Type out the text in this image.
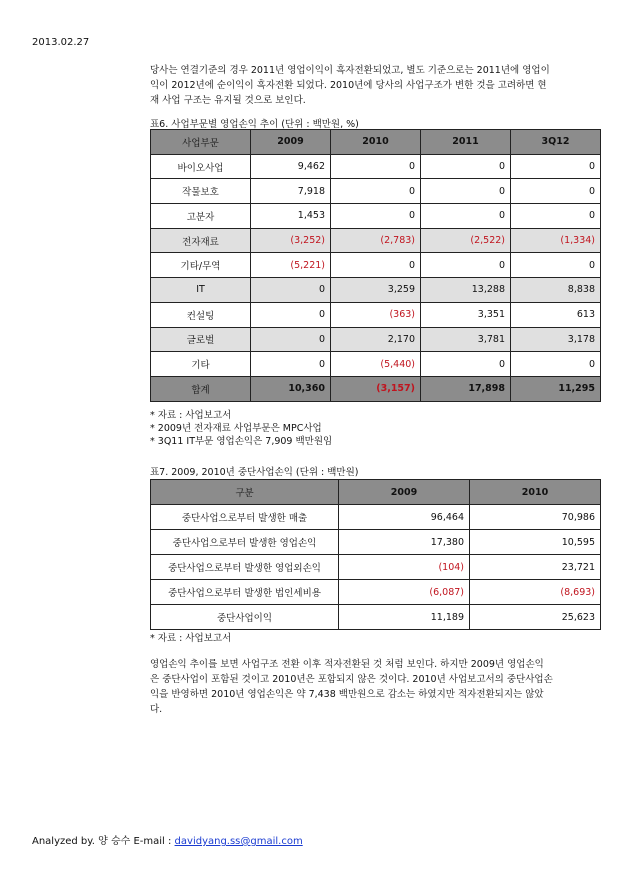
2013.02.27
당사는 연결기준의 경우 2011년 영업이익이 흑자전환되었고, 별도 기준으로는 2011년에 영업이
익이 2012년에 순이익이 흑자전환 되었다. 2010년에 당사의 사업구조가 변한 것을 고려하면 현
재 사업 구조는 유지될 것으로 보인다.
표6. 사업부문별 영업손익 추이 (단위 : 백만원, %)
사업부문	2009	2010	2011	3Q12
바이오사업	9,462	0	0	0
작물보호	7,918	0	0	0
고분자	1,453	0	0	0
전자재료	(3,252)	(2,783)	(2,522)	(1,334)
기타/무역	(5,221)	0	0	0
IT	0	3,259	13,288	8,838
컨설팅	0	(363)	3,351	613
글로벌	0	2,170	3,781	3,178
기타	0	(5,440)	0	0
합계	10,360	(3,157)	17,898	11,295
* 자료 : 사업보고서
* 2009년 전자재료 사업부문은 MPC사업
* 3Q11 IT부문 영업손익은 7,909 백만원임
표7. 2009, 2010년 중단사업손익 (단위 : 백만원)
구분	2009	2010
중단사업으로부터 발생한 매출	96,464	70,986
중단사업으로부터 발생한 영업손익	17,380	10,595
중단사업으로부터 발생한 영업외손익	(104)	23,721
중단사업으로부터 발생한 법인세비용	(6,087)	(8,693)
중단사업이익	11,189	25,623
* 자료 : 사업보고서
영업손익 추이를 보면 사업구조 전환 이후 적자전환된 것 처럼 보인다. 하지만 2009년 영업손익
은 중단사업이 포함된 것이고 2010년은 포함되지 않은 것이다. 2010년 사업보고서의 중단사업손
익을 반영하면 2010년 영업손익은 약 7,438 백만원으로 감소는 하였지만 적자전환되지는 않았
다.
Analyzed by. 양 승수 E-mail : davidyang.ss@gmail.com
